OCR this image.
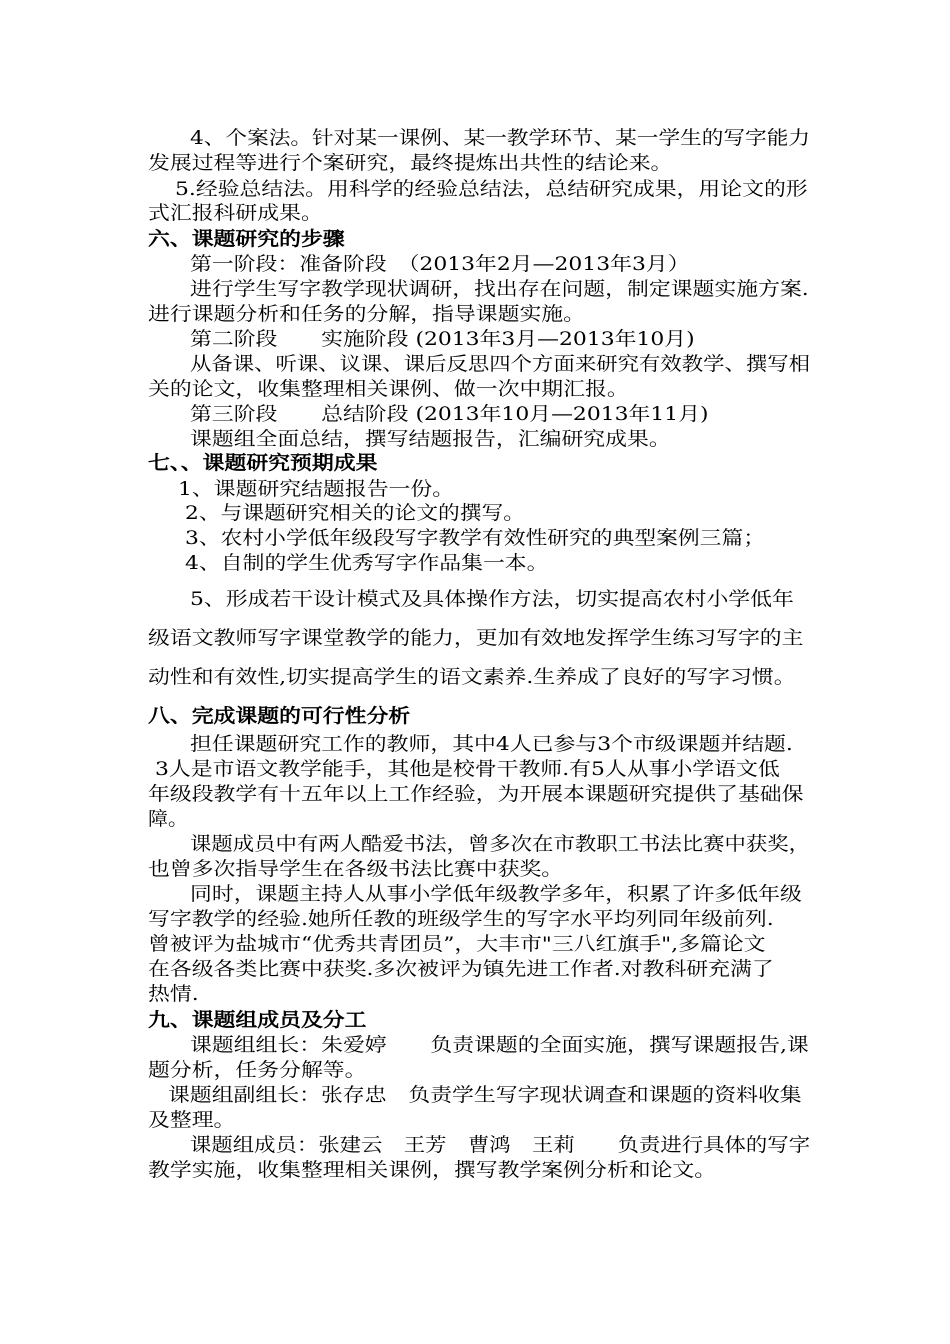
4、个案法。针对某一课例、某一教学环节、某一学生的写字能力
发展过程等进行个案研究，最终提炼出共性的结论来。
5.经验总结法。用科学的经验总结法，总结研究成果，用论文的形
式汇报科研成果。
六、课题研究的步骤
第一阶段：准备阶段　（2013年2月—2013年3月）
进行学生写字教学现状调研，找出存在问题，制定课题实施方案.
进行课题分析和任务的分解，指导课题实施。
第二阶段　　实施阶段 (2013年3月—2013年10月)
从备课、听课、议课、课后反思四个方面来研究有效教学、撰写相
关的论文，收集整理相关课例、做一次中期汇报。
第三阶段　　总结阶段 (2013年10月—2013年11月)
课题组全面总结，撰写结题报告，汇编研究成果。
七、、课题研究预期成果
1、课题研究结题报告一份。
2、与课题研究相关的论文的撰写。
3、农村小学低年级段写字教学有效性研究的典型案例三篇；
4、自制的学生优秀写字作品集一本。
5、形成若干设计模式及具体操作方法，切实提高农村小学低年
级语文教师写字课堂教学的能力，更加有效地发挥学生练习写字的主
动性和有效性,切实提高学生的语文素养.生养成了良好的写字习惯。
八、完成课题的可行性分析
担任课题研究工作的教师，其中4人已参与3个市级课题并结题.
3人是市语文教学能手，其他是校骨干教师.有5人从事小学语文低
年级段教学有十五年以上工作经验，为开展本课题研究提供了基础保
障。
课题成员中有两人酷爱书法，曾多次在市教职工书法比赛中获奖，
也曾多次指导学生在各级书法比赛中获奖。
同时，课题主持人从事小学低年级教学多年，积累了许多低年级
写字教学的经验.她所任教的班级学生的写字水平均列同年级前列.
曾被评为盐城市“优秀共青团员”，大丰市"三八红旗手",多篇论文
在各级各类比赛中获奖.多次被评为镇先进工作者.对教科研充满了
热情.
九、课题组成员及分工
课题组组长：朱爱婷　　负责课题的全面实施，撰写课题报告,课
题分析，任务分解等。
课题组副组长：张存忠　负责学生写字现状调查和课题的资料收集
及整理。
课题组成员：张建云　王芳　曹鸿　王莉　　负责进行具体的写字
教学实施，收集整理相关课例，撰写教学案例分析和论文。
